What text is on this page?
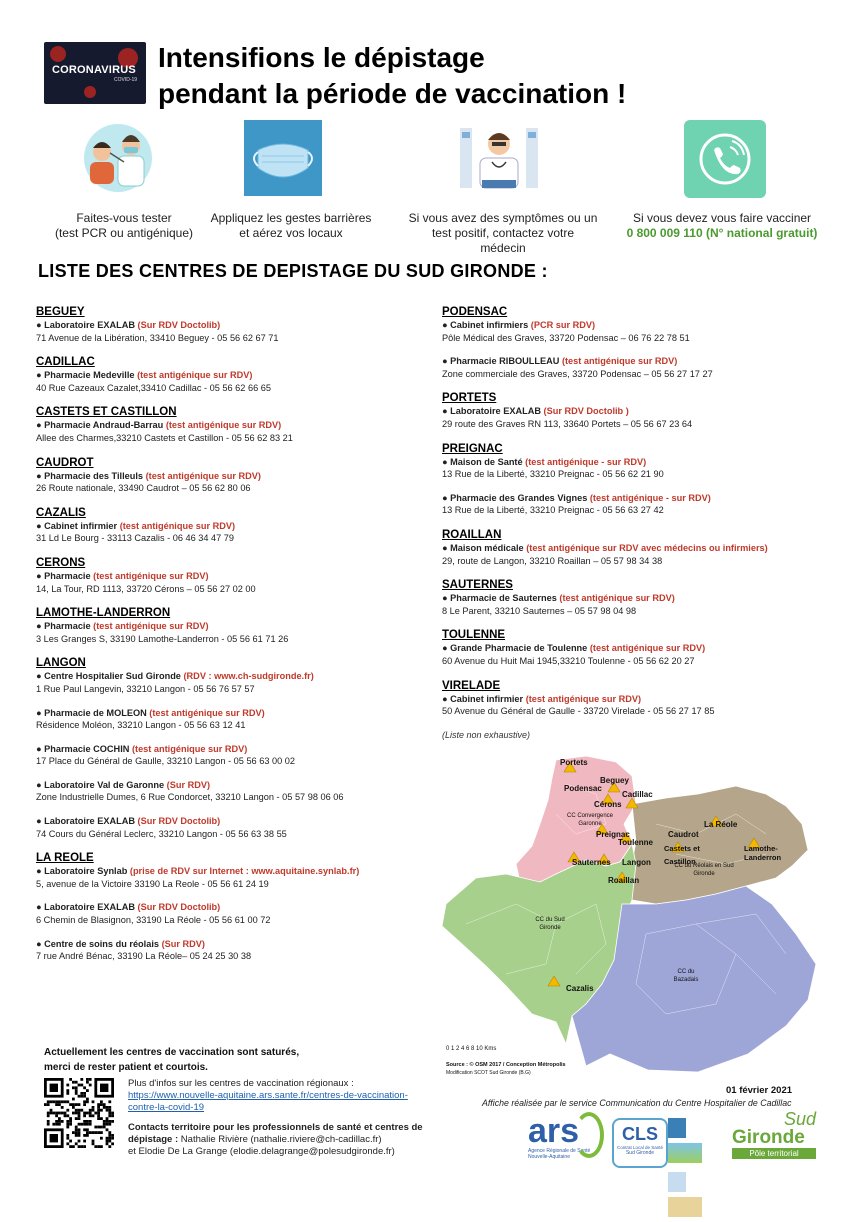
CORONAVIRUS
COVID-19
Intensifions le dépistage
pendant la période de vaccination !
Faites-vous tester
(test PCR ou antigénique)
Appliquez les gestes barrières
et aérez vos locaux
Si vous avez des symptômes ou un
test positif, contactez votre médecin
Si vous devez vous faire vacciner
0 800 009 110 (N° national gratuit)
LISTE DES CENTRES DE DEPISTAGE DU SUD GIRONDE :
BEGUEY
● Laboratoire EXALAB (Sur RDV Doctolib)
71 Avenue de la Libération, 33410 Beguey - 05 56 62 67 71
CADILLAC
● Pharmacie Medeville (test antigénique sur RDV)
40 Rue Cazeaux Cazalet,33410 Cadillac - 05 56 62 66 65
CASTETS ET CASTILLON
● Pharmacie Andraud-Barrau (test antigénique sur RDV)
Allee des Charmes,33210 Castets et Castillon - 05 56 62 83 21
CAUDROT
● Pharmacie des Tilleuls (test antigénique sur RDV)
26 Route nationale, 33490 Caudrot – 05 56 62 80 06
CAZALIS
● Cabinet infirmier (test antigénique sur RDV)
31 Ld Le Bourg - 33113 Cazalis - 06 46 34 47 79
CERONS
● Pharmacie (test antigénique sur RDV)
14, La Tour, RD 1113, 33720 Cérons – 05 56 27 02 00
LAMOTHE-LANDERRON
● Pharmacie (test antigénique sur RDV)
3 Les Granges S, 33190 Lamothe-Landerron - 05 56 61 71 26
LANGON
● Centre Hospitalier Sud Gironde (RDV : www.ch-sudgironde.fr)
1 Rue Paul Langevin, 33210 Langon - 05 56 76 57 57
● Pharmacie de MOLEON (test antigénique sur RDV)
Résidence Moléon, 33210 Langon - 05 56 63 12 41
● Pharmacie COCHIN (test antigénique sur RDV)
17 Place du Général de Gaulle, 33210 Langon - 05 56 63 00 02
● Laboratoire Val de Garonne (Sur RDV)
Zone Industrielle Dumes, 6 Rue Condorcet, 33210 Langon - 05 57 98 06 06
● Laboratoire EXALAB (Sur RDV Doctolib)
74 Cours du Général Leclerc, 33210 Langon - 05 56 63 38 55
LA REOLE
● Laboratoire Synlab (prise de RDV sur Internet : www.aquitaine.synlab.fr)
5, avenue de la Victoire 33190 La Reole - 05 56 61 24 19
● Laboratoire EXALAB (Sur RDV Doctolib)
6 Chemin de Blasignon, 33190 La Réole - 05 56 61 00 72
● Centre de soins du réolais (Sur RDV)
7 rue André Bénac, 33190 La Réole– 05 24 25 30 38
PODENSAC
● Cabinet infirmiers (PCR sur RDV)
Pôle Médical des Graves, 33720 Podensac – 06 76 22 78 51
● Pharmacie RIBOULLEAU (test antigénique sur RDV)
Zone commerciale des Graves, 33720 Podensac – 05 56 27 17 27
PORTETS
● Laboratoire EXALAB (Sur RDV Doctolib )
29 route des Graves RN 113, 33640 Portets – 05 56 67 23 64
PREIGNAC
● Maison de Santé (test antigénique - sur RDV)
13 Rue de la Liberté, 33210 Preignac - 05 56 62 21 90
● Pharmacie des Grandes Vignes (test antigénique - sur RDV)
13 Rue de la Liberté, 33210 Preignac - 05 56 63 27 42
ROAILLAN
● Maison médicale (test antigénique sur RDV avec médecins ou infirmiers)
29, route de Langon, 33210 Roaillan – 05 57 98 34 38
SAUTERNES
● Pharmacie de Sauternes (test antigénique sur RDV)
8 Le Parent, 33210 Sauternes – 05 57 98 04 98
TOULENNE
● Grande Pharmacie de Toulenne (test antigénique sur RDV)
60 Avenue du Huit Mai 1945,33210 Toulenne - 05 56 62 20 27
VIRELADE
● Cabinet infirmier (test antigénique sur RDV)
50 Avenue du Général de Gaulle - 33720 Virelade - 05 56 27 17 85
(Liste non exhaustive)
Portets
Beguey
Podensac
Cadillac
Cérons
CC Convergence Garonne	La Réole
Preignac
Toulenne
Caudrot
Castets et Castillon
CC du Réolais en Sud Gironde
Lamothe-Landerron
Sauternes Langon
Roaillan
CC du Sud Gironde
CC du Bazadais
Cazalis
0 1 2 4 6 8 10 Kms
Source : © OSM 2017 / Conception Métropolis
Modification SCOT Sud Gironde (B.G)
Actuellement les centres de vaccination sont saturés,
merci de rester patient et courtois.
Plus d'infos sur les centres de vaccination régionaux :
https://www.nouvelle-aquitaine.ars.sante.fr/centres-de-vaccination-
contre-la-covid-19
Contacts territoire pour les professionnels de santé et centres de dépistage : Nathalie Rivière (nathalie.riviere@ch-cadillac.fr)
et Elodie De La Grange (elodie.delagrange@polesudgironde.fr)
01 février 2021
Affiche réalisée par le service Communication du Centre Hospitalier de Cadillac
ars
Agence Régionale de Santé
Nouvelle-Aquitaine
CLS
Contrat Local de Santé
Sud Gironde

Sud
Gironde
Pôle territorial
